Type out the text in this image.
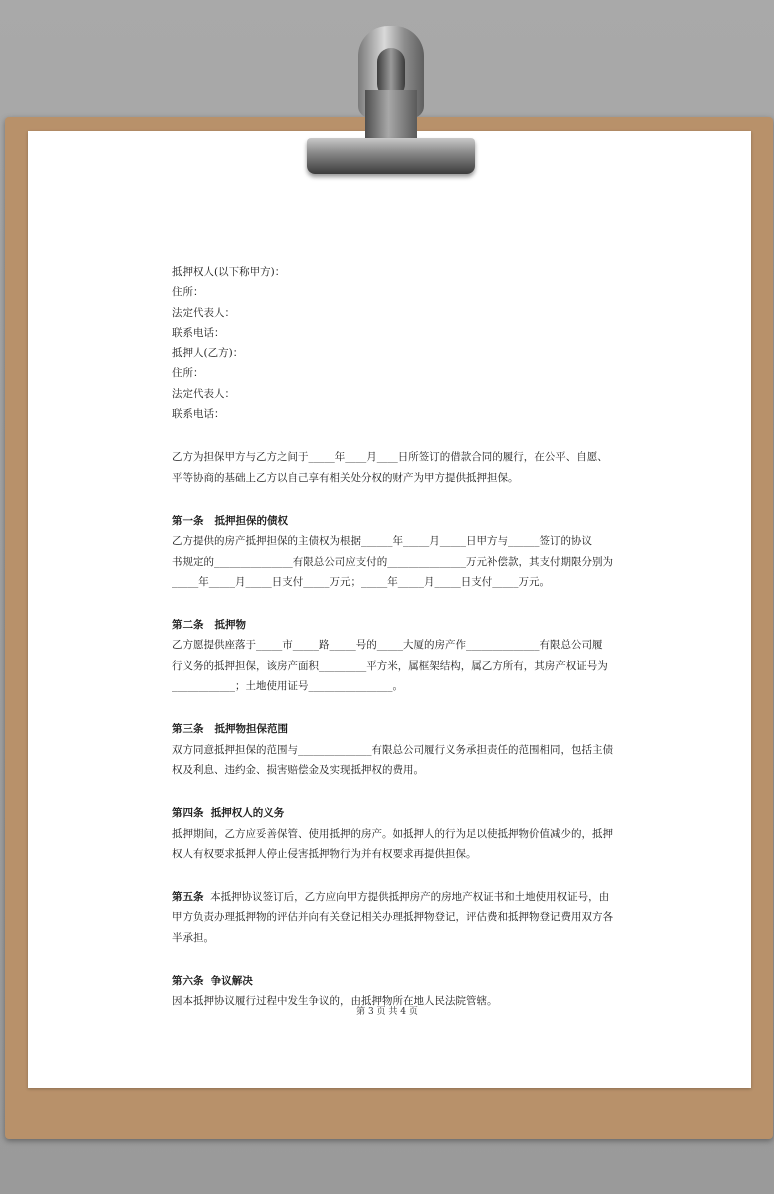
抵押权人(以下称甲方)：
住所：
法定代表人：
联系电话：
抵押人(乙方)：
住所：
法定代表人：
联系电话：
乙方为担保甲方与乙方之间于_____年____月____日所签订的借款合同的履行，在公平、自愿、
平等协商的基础上乙方以自己享有相关处分权的财产为甲方提供抵押担保。
第一条   抵押担保的债权
乙方提供的房产抵押担保的主债权为根据______年_____月_____日甲方与______签订的协议
书规定的_______________有限总公司应支付的_______________万元补偿款，其支付期限分别为
_____年_____月_____日支付_____万元；_____年_____月_____日支付_____万元。
第二条   抵押物
乙方愿提供座落于_____市_____路_____号的_____大厦的房产作______________有限总公司履
行义务的抵押担保，该房产面积_________平方米，属框架结构，属乙方所有，其房产权证号为
____________；土地使用证号________________。
第三条   抵押物担保范围
双方同意抵押担保的范围与______________有限总公司履行义务承担责任的范围相同，包括主债
权及利息、违约金、损害赔偿金及实现抵押权的费用。
第四条  抵押权人的义务
抵押期间，乙方应妥善保管、使用抵押的房产。如抵押人的行为足以使抵押物价值减少的，抵押
权人有权要求抵押人停止侵害抵押物行为并有权要求再提供担保。
第五条  本抵押协议签订后，乙方应向甲方提供抵押房产的房地产权证书和土地使用权证号，由
甲方负责办理抵押物的评估并向有关登记相关办理抵押物登记，评估费和抵押物登记费用双方各
半承担。
第六条  争议解决
因本抵押协议履行过程中发生争议的，由抵押物所在地人民法院管辖。
第 3 页 共 4 页
